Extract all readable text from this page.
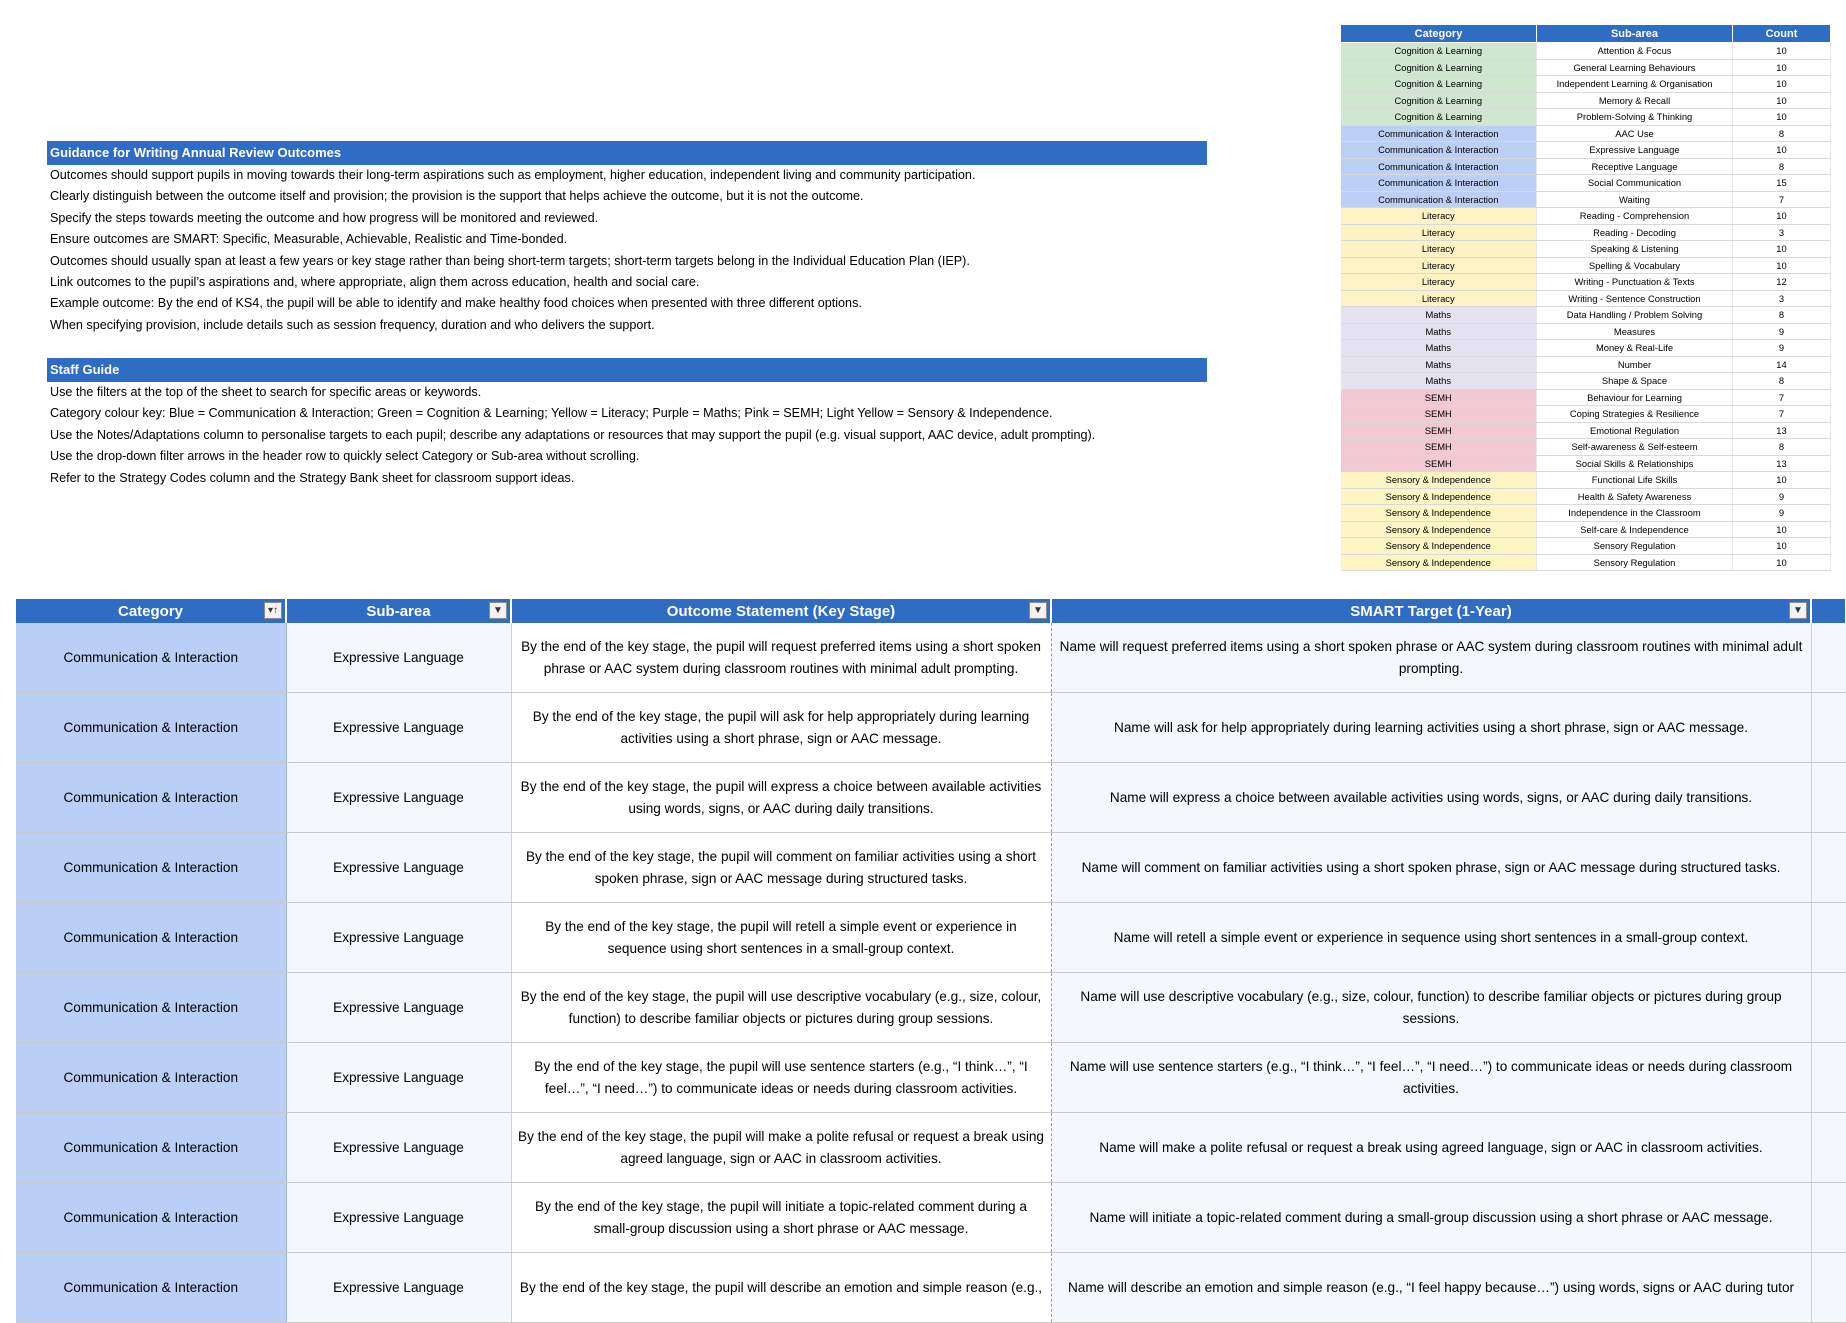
Guidance for Writing Annual Review Outcomes
Outcomes should support pupils in moving towards their long-term aspirations such as employment, higher education, independent living and community participation.
Clearly distinguish between the outcome itself and provision; the provision is the support that helps achieve the outcome, but it is not the outcome.
Specify the steps towards meeting the outcome and how progress will be monitored and reviewed.
Ensure outcomes are SMART: Specific, Measurable, Achievable, Realistic and Time-bonded.
Outcomes should usually span at least a few years or key stage rather than being short-term targets; short-term targets belong in the Individual Education Plan (IEP).
Link outcomes to the pupil’s aspirations and, where appropriate, align them across education, health and social care.
Example outcome: By the end of KS4, the pupil will be able to identify and make healthy food choices when presented with three different options.
When specifying provision, include details such as session frequency, duration and who delivers the support.
Staff Guide
Use the filters at the top of the sheet to search for specific areas or keywords.
Category colour key: Blue = Communication & Interaction; Green = Cognition & Learning; Yellow = Literacy; Purple = Maths; Pink = SEMH; Light Yellow = Sensory & Independence.
Use the Notes/Adaptations column to personalise targets to each pupil; describe any adaptations or resources that may support the pupil (e.g. visual support, AAC device, adult prompting).
Use the drop-down filter arrows in the header row to quickly select Category or Sub-area without scrolling.
Refer to the Strategy Codes column and the Strategy Bank sheet for classroom support ideas.
Category	Sub-area	Count
Cognition & Learning	Attention & Focus	10
Cognition & Learning	General Learning Behaviours	10
Cognition & Learning	Independent Learning & Organisation	10
Cognition & Learning	Memory & Recall	10
Cognition & Learning	Problem-Solving & Thinking	10
Communication & Interaction	AAC Use	8
Communication & Interaction	Expressive Language	10
Communication & Interaction	Receptive Language	8
Communication & Interaction	Social Communication	15
Communication & Interaction	Waiting	7
Literacy	Reading - Comprehension	10
Literacy	Reading - Decoding	3
Literacy	Speaking & Listening	10
Literacy	Spelling & Vocabulary	10
Literacy	Writing - Punctuation & Texts	12
Literacy	Writing - Sentence Construction	3
Maths	Data Handling / Problem Solving	8
Maths	Measures	9
Maths	Money & Real-Life	9
Maths	Number	14
Maths	Shape & Space	8
SEMH	Behaviour for Learning	7
SEMH	Coping Strategies & Resilience	7
SEMH	Emotional Regulation	13
SEMH	Self-awareness & Self-esteem	8
SEMH	Social Skills & Relationships	13
Sensory & Independence	Functional Life Skills	10
Sensory & Independence	Health & Safety Awareness	9
Sensory & Independence	Independence in the Classroom	9
Sensory & Independence	Self-care & Independence	10
Sensory & Independence	Sensory Regulation	10
Sensory & Independence	Sensory Regulation	10
Category ▾↑	Sub-area ▼	Outcome Statement (Key Stage) ▼	SMART Target (1-Year) ▼	

Communication & Interaction	Expressive Language	By the end of the key stage, the pupil will request preferred items using a short spoken phrase or AAC system during classroom routines with minimal adult prompting.	Name will request preferred items using a short spoken phrase or AAC system during classroom routines with minimal adult prompting.	
Communication & Interaction	Expressive Language	By the end of the key stage, the pupil will ask for help appropriately during learning activities using a short phrase, sign or AAC message.	Name will ask for help appropriately during learning activities using a short phrase, sign or AAC message.	
Communication & Interaction	Expressive Language	By the end of the key stage, the pupil will express a choice between available activities using words, signs, or AAC during daily transitions.	Name will express a choice between available activities using words, signs, or AAC during daily transitions.	
Communication & Interaction	Expressive Language	By the end of the key stage, the pupil will comment on familiar activities using a short spoken phrase, sign or AAC message during structured tasks.	Name will comment on familiar activities using a short spoken phrase, sign or AAC message during structured tasks.	
Communication & Interaction	Expressive Language	By the end of the key stage, the pupil will retell a simple event or experience in sequence using short sentences in a small-group context.	Name will retell a simple event or experience in sequence using short sentences in a small-group context.	
Communication & Interaction	Expressive Language	By the end of the key stage, the pupil will use descriptive vocabulary (e.g., size, colour, function) to describe familiar objects or pictures during group sessions.	Name will use descriptive vocabulary (e.g., size, colour, function) to describe familiar objects or pictures during group sessions.	
Communication & Interaction	Expressive Language	By the end of the key stage, the pupil will use sentence starters (e.g., “I think…”, “I feel…”, “I need…”) to communicate ideas or needs during classroom activities.	Name will use sentence starters (e.g., “I think…”, “I feel…”, “I need…”) to communicate ideas or needs during classroom activities.	
Communication & Interaction	Expressive Language	By the end of the key stage, the pupil will make a polite refusal or request a break using agreed language, sign or AAC in classroom activities.	Name will make a polite refusal or request a break using agreed language, sign or AAC in classroom activities.	
Communication & Interaction	Expressive Language	By the end of the key stage, the pupil will initiate a topic-related comment during a small-group discussion using a short phrase or AAC message.	Name will initiate a topic-related comment during a small-group discussion using a short phrase or AAC message.	
Communication & Interaction	Expressive Language	By the end of the key stage, the pupil will describe an emotion and simple reason (e.g.,	Name will describe an emotion and simple reason (e.g., “I feel happy because…”) using words, signs or AAC during tutor	
